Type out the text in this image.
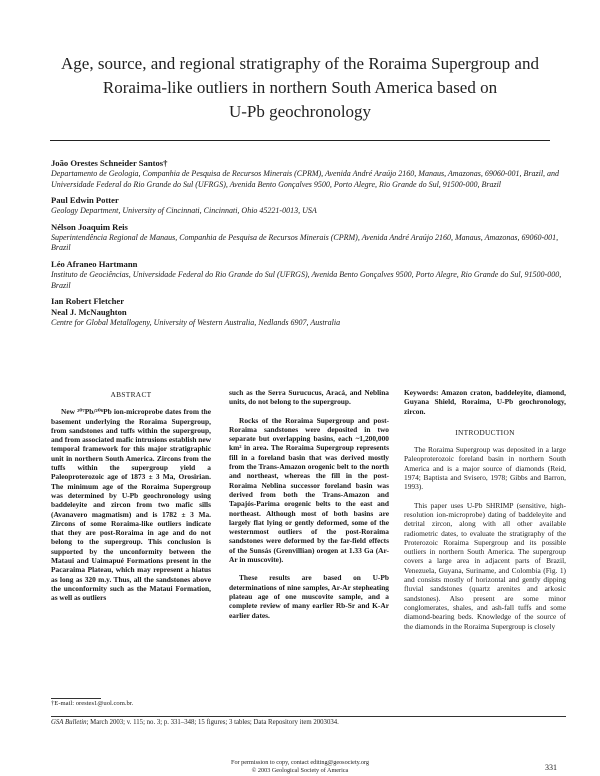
Age, source, and regional stratigraphy of the Roraima Supergroup and
Roraima-like outliers in northern South America based on
U-Pb geochronology
João Orestes Schneider Santos†
Departamento de Geologia, Companhia de Pesquisa de Recursos Minerais (CPRM), Avenida André Araújo 2160, Manaus, Amazonas, 69060-001, Brazil, and Universidade Federal do Rio Grande do Sul (UFRGS), Avenida Bento Gonçalves 9500, Porto Alegre, Rio Grande do Sul, 91500-000, Brazil
Paul Edwin Potter
Geology Department, University of Cincinnati, Cincinnati, Ohio 45221-0013, USA
Nélson Joaquim Reis
Superintendência Regional de Manaus, Companhia de Pesquisa de Recursos Minerais (CPRM), Avenida André Araújo 2160, Manaus, Amazonas, 69060-001, Brazil
Léo Afraneo Hartmann
Instituto de Geociências, Universidade Federal do Rio Grande do Sul (UFRGS), Avenida Bento Gonçalves 9500, Porto Alegre, Rio Grande do Sul, 91500-000, Brazil
Ian Robert Fletcher
Neal J. McNaughton
Centre for Global Metallogeny, University of Western Australia, Nedlands 6907, Australia
ABSTRACT

New ²⁰⁷Pb/²⁰⁶Pb ion-microprobe dates from the basement underlying the Roraima Supergroup, from sandstones and tuffs within the supergroup, and from associated mafic intrusions establish new temporal framework for this major stratigraphic unit in northern South America. Zircons from the tuffs within the supergroup yield a Paleoproterozoic age of 1873 ± 3 Ma, Orosirian. The minimum age of the Roraima Supergroup was determined by U-Pb geochronology using baddeleyite and zircon from two mafic sills (Avanavero magmatism) and is 1782 ± 3 Ma. Zircons of some Roraima-like outliers indicate that they are post-Roraima in age and do not belong to the supergroup. This conclusion is supported by the unconformity between the Mataui and Uaimapué Formations present in the Pacaraima Plateau, which may represent a hiatus as long as 320 m.y. Thus, all the sandstones above the unconformity such as the Mataui Formation, as well as outliers

such as the Serra Surucucus, Aracá, and Neblina units, do not belong to the supergroup.

Rocks of the Roraima Supergroup and post-Roraima sandstones were deposited in two separate but overlapping basins, each ~1,200,000 km² in area. The Roraima Supergroup represents fill in a foreland basin that was derived mostly from the Trans-Amazon orogenic belt to the north and northeast, whereas the fill in the post-Roraima Neblina successor foreland basin was derived from both the Trans-Amazon and Tapajós-Parima orogenic belts to the east and northeast. Although most of both basins are largely flat lying or gently deformed, some of the westernmost outliers of the post-Roraima sandstones were deformed by the far-field effects of the Sunsás (Grenvillian) orogen at 1.33 Ga (Ar-Ar in muscovite).

These results are based on U-Pb determinations of nine samples, Ar-Ar stepheating plateau age of one muscovite sample, and a complete review of many earlier Rb-Sr and K-Ar earlier dates.

Keywords: Amazon craton, baddeleyite, diamond, Guyana Shield, Roraima, U-Pb geochronology, zircon.
INTRODUCTION

The Roraima Supergroup was deposited in a large Paleoproterozoic foreland basin in northern South America and is a major source of diamonds (Reid, 1974; Baptista and Svisero, 1978; Gibbs and Barron, 1993).

This paper uses U-Pb SHRIMP (sensitive, high-resolution ion-microprobe) dating of baddeleyite and detrital zircon, along with all other available radiometric dates, to evaluate the stratigraphy of the Proterozoic Roraima Supergroup and its possible outliers in northern South America. The supergroup covers a large area in adjacent parts of Brazil, Venezuela, Guyana, Suriname, and Colombia (Fig. 1) and consists mostly of horizontal and gently dipping fluvial sandstones (quartz arenites and arkosic sandstones). Also present are some minor conglomerates, shales, and ash-fall tuffs and some diamond-bearing beds. Knowledge of the source of the diamonds in the Roraima Supergroup is closely

†E-mail: orestes1@uol.com.br.
GSA Bulletin; March 2003; v. 115; no. 3; p. 331–348; 15 figures; 3 tables; Data Repository item 2003034.
For permission to copy, contact editing@geosociety.org
© 2003 Geological Society of America	331
